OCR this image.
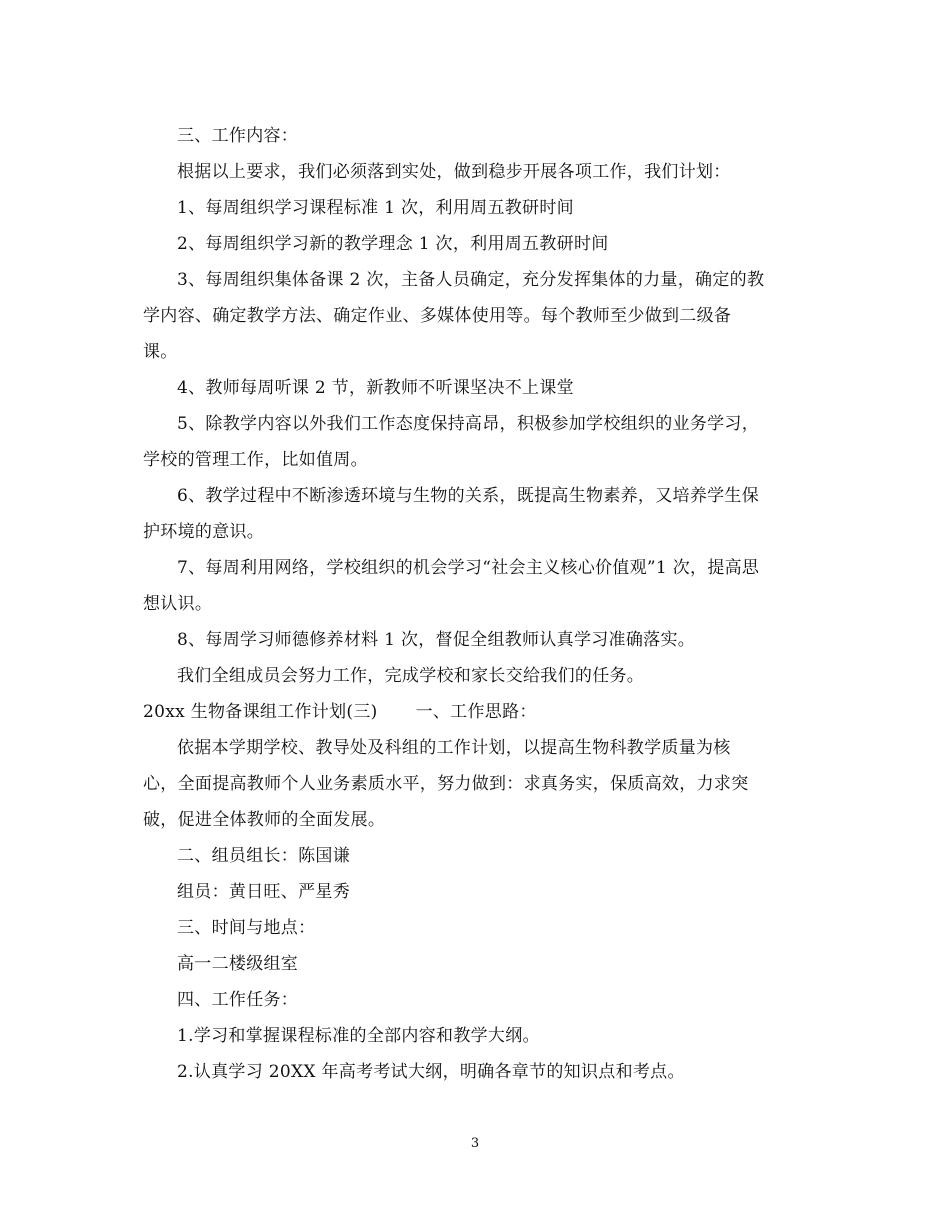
三、工作内容：
根据以上要求，我们必须落到实处，做到稳步开展各项工作，我们计划：
1、每周组织学习课程标准 1 次，利用周五教研时间
2、每周组织学习新的教学理念 1 次，利用周五教研时间
3、每周组织集体备课 2 次，主备人员确定，充分发挥集体的力量，确定的教
学内容、确定教学方法、确定作业、多媒体使用等。每个教师至少做到二级备
课。
4、教师每周听课 2 节，新教师不听课坚决不上课堂
5、除教学内容以外我们工作态度保持高昂，积极参加学校组织的业务学习，
学校的管理工作，比如值周。
6、教学过程中不断渗透环境与生物的关系，既提高生物素养，又培养学生保
护环境的意识。
7、每周利用网络，学校组织的机会学习“社会主义核心价值观”1 次，提高思
想认识。
8、每周学习师德修养材料 1 次，督促全组教师认真学习准确落实。
我们全组成员会努力工作，完成学校和家长交给我们的任务。
20xx 生物备课组工作计划(三) 一、工作思路：
依据本学期学校、教导处及科组的工作计划，以提高生物科教学质量为核
心，全面提高教师个人业务素质水平，努力做到：求真务实，保质高效，力求突
破，促进全体教师的全面发展。
二、组员组长：陈国谦
组员：黄日旺、严星秀
三、时间与地点：
高一二楼级组室
四、工作任务：
1.学习和掌握课程标准的全部内容和教学大纲。
2.认真学习 20XX 年高考考试大纲，明确各章节的知识点和考点。
3
